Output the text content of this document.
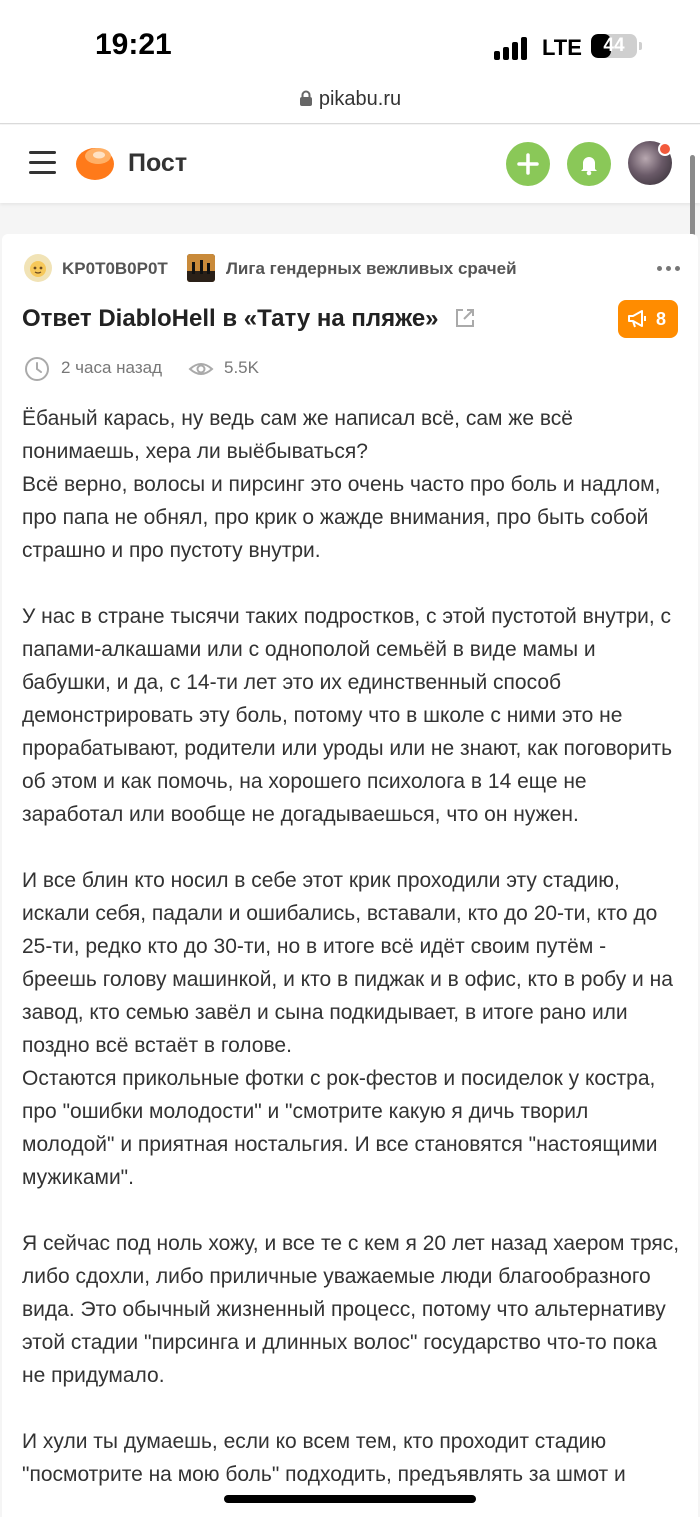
19:21	LTE	44
pikabu.ru
Пост
KP0T0B0P0T	Лига гендерных вежливых срачей
Ответ DiabloHell в «Тату на пляже»	8
2 часа назад	5.5K

Ёбаный карась, ну ведь сам же написал всё, сам же всё понимаешь, хера ли выёбываться?

Всё верно, волосы и пирсинг это очень часто про боль и надлом, про папа не обнял, про крик о жажде внимания, про быть собой страшно и про пустоту внутри.

У нас в стране тысячи таких подростков, с этой пустотой внутри, с папами-алкашами или с однополой семьёй в виде мамы и бабушки, и да, с 14-ти лет это их единственный способ демонстрировать эту боль, потому что в школе с ними это не прорабатывают, родители или уроды или не знают, как поговорить об этом и как помочь, на хорошего психолога в 14 еще не заработал или вообще не догадываешься, что он нужен.

И все блин кто носил в себе этот крик проходили эту стадию, искали себя, падали и ошибались, вставали, кто до 20-ти, кто до 25-ти, редко кто до 30-ти, но в итоге всё идёт своим путём - бреешь голову машинкой, и кто в пиджак и в офис, кто в робу и на завод, кто семью завёл и сына подкидывает, в итоге рано или поздно всё встаёт в голове.

Остаются прикольные фотки с рок-фестов и посиделок у костра, про "ошибки молодости" и "смотрите какую я дичь творил молодой" и приятная ностальгия. И все становятся "настоящими мужиками".

Я сейчас под ноль хожу, и все те с кем я 20 лет назад хаером тряс, либо сдохли, либо приличные уважаемые люди благообразного вида. Это обычный жизненный процесс, потому что альтернативу этой стадии "пирсинга и длинных волос" государство что-то пока не придумало.

И хули ты думаешь, если ко всем тем, кто проходит стадию "посмотрите на мою боль" подходить, предъявлять за шмот и
